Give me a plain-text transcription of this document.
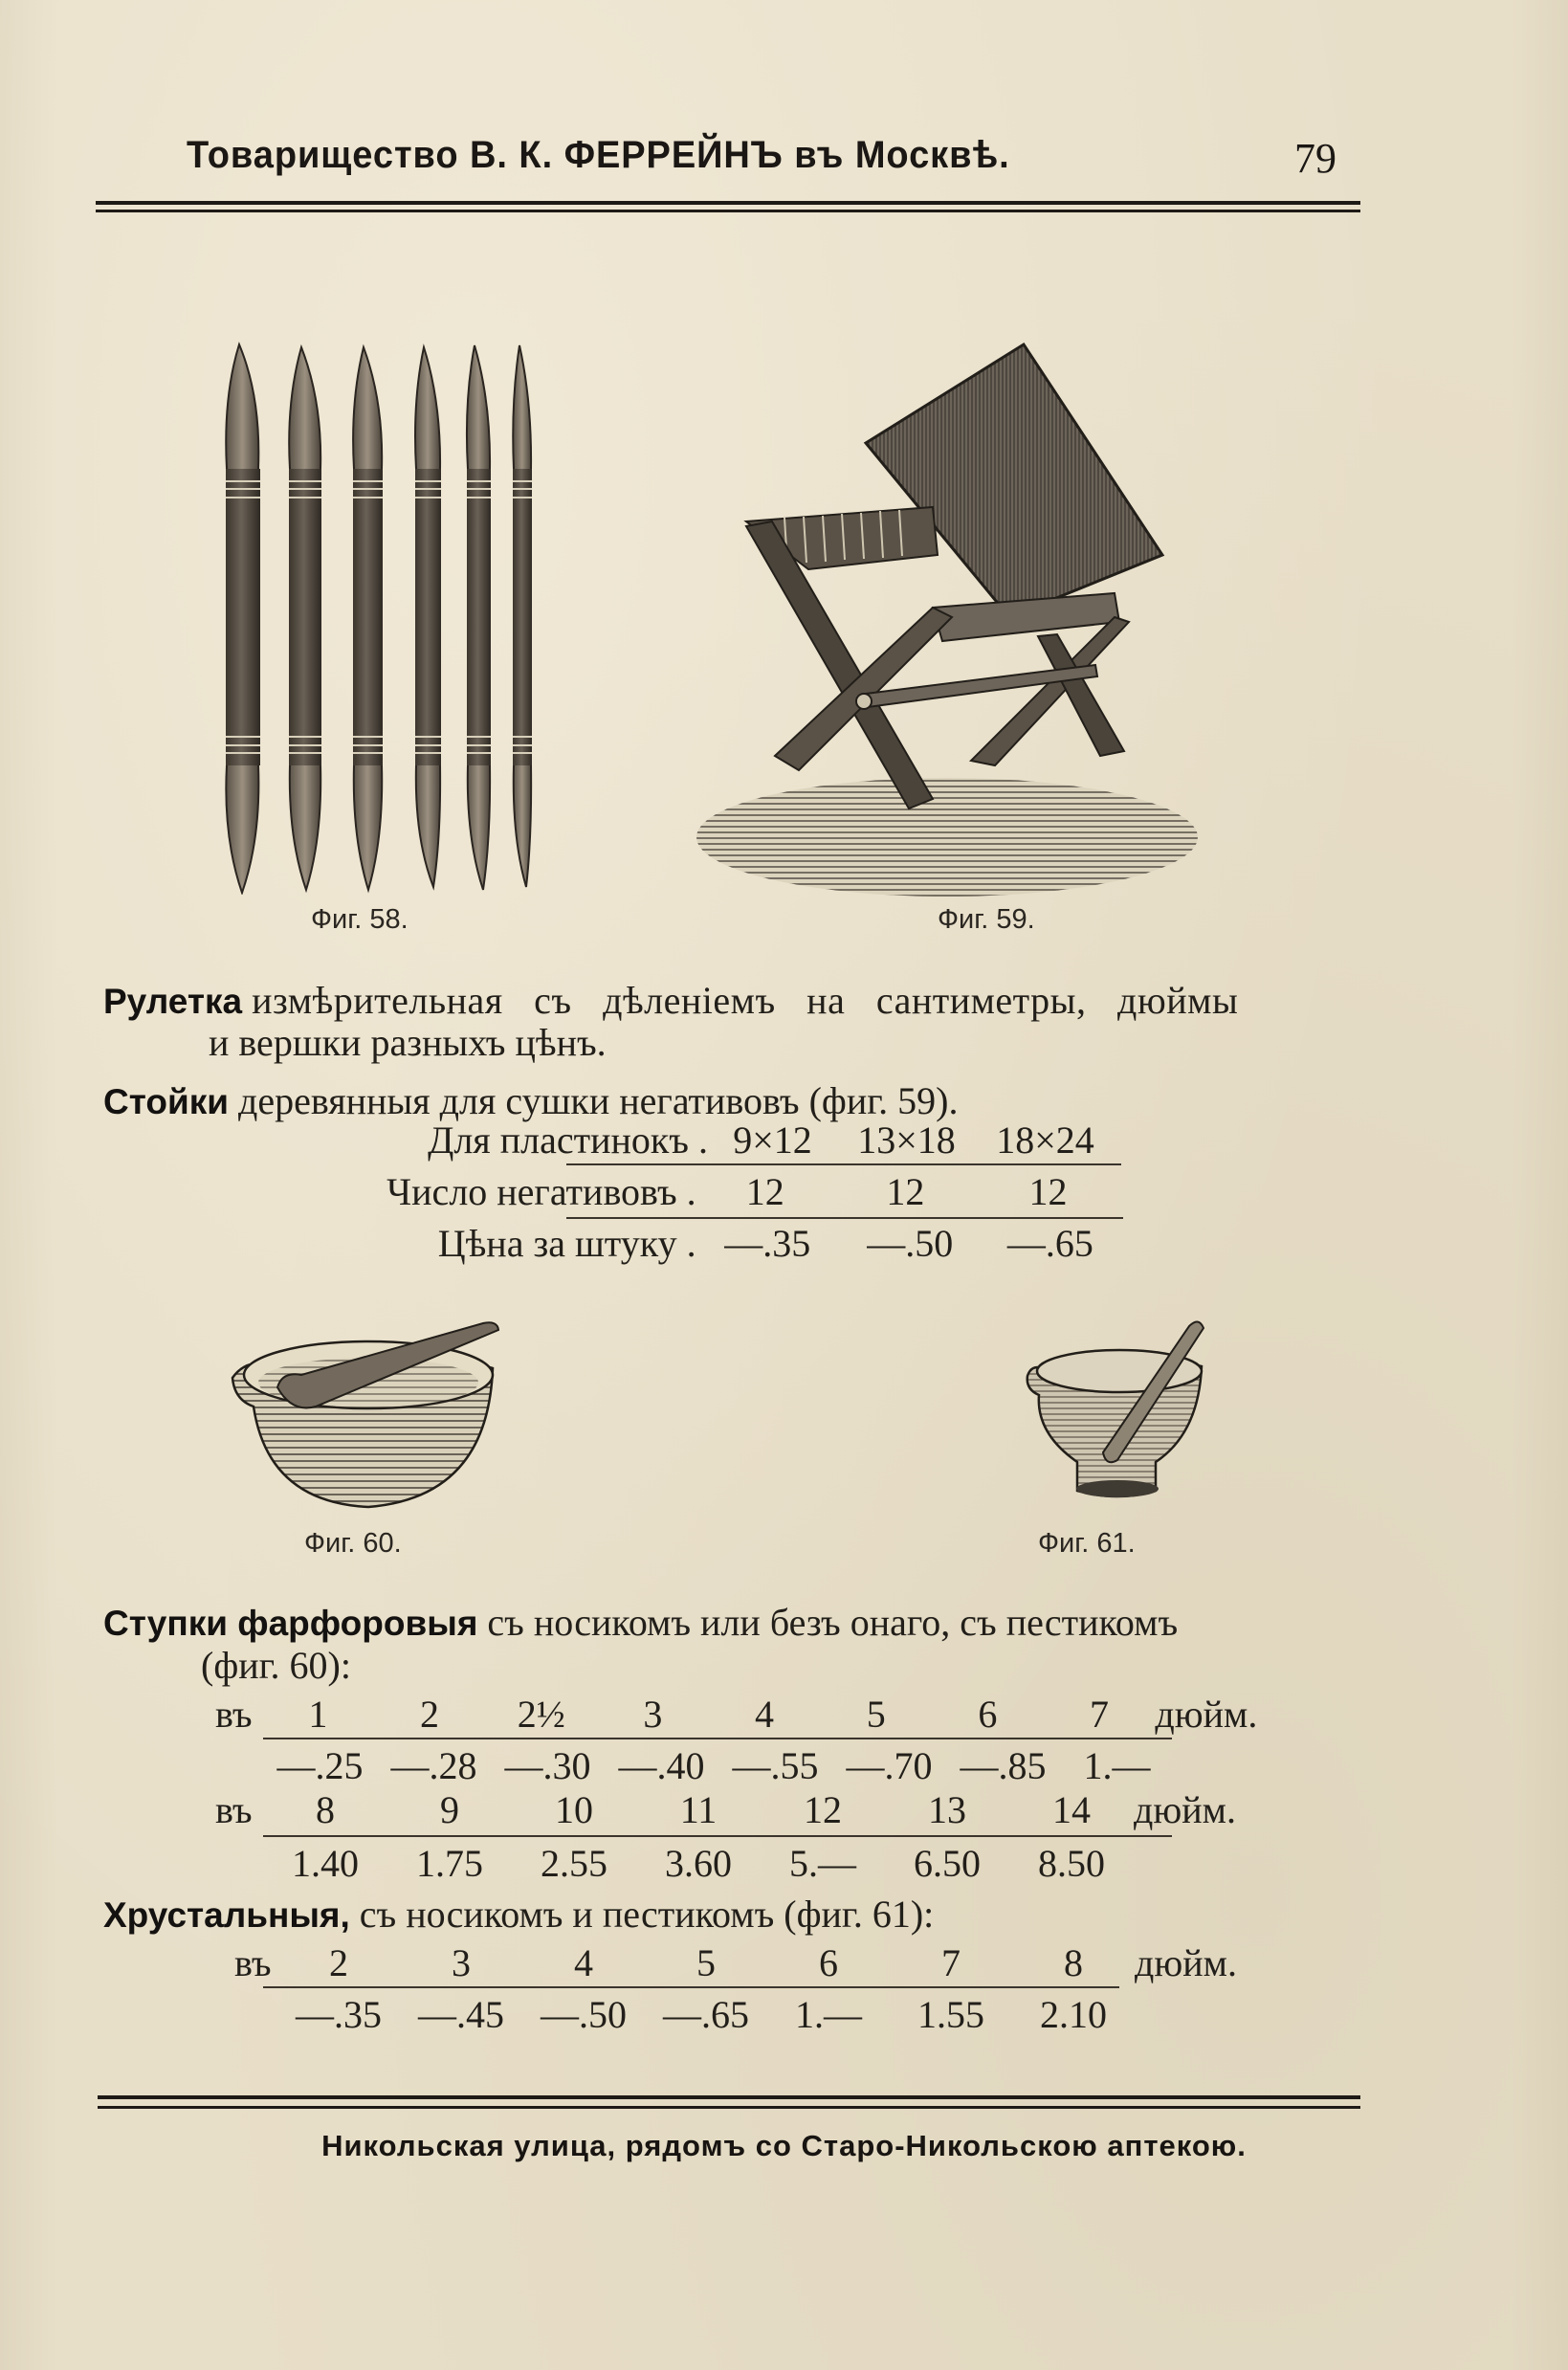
Товарищество В. К. ФЕРРЕЙНЪ въ Москвѣ.	79
Фиг. 58.	Фиг. 59.
Рулетка измѣрительная съ дѣленіемъ на сантиметры, дюймы
и вершки разныхъ цѣнъ.
Стойки деревянныя для сушки негативовъ (фиг. 59).
Для пластинокъ . 9×12	13×18	18×24
Число негативовъ .	12	12	12
Цѣна за штуку . —.35	—.50	—.65
Фиг. 60.	Фиг. 61.
Ступки фарфоровыя съ носикомъ или безъ онаго, съ пестикомъ
(фиг. 60):
въ	1	2	2½	3	4	5	6	7	дюйм.
—.25 —.28 —.30 —.40 —.55 —.70 —.85 1.—
въ	8	9	10	11	12	13	14	дюйм.
1.40	1.75	2.55	3.60	5.—	6.50	8.50
Хрустальныя, съ носикомъ и пестикомъ (фиг. 61):
въ	2	3	4	5	6	7	8	дюйм.
—.35 —.45 —.50 —.65	1.—	1.55	2.10
Никольская улица, рядомъ со Старо-Никольскою аптекою.
